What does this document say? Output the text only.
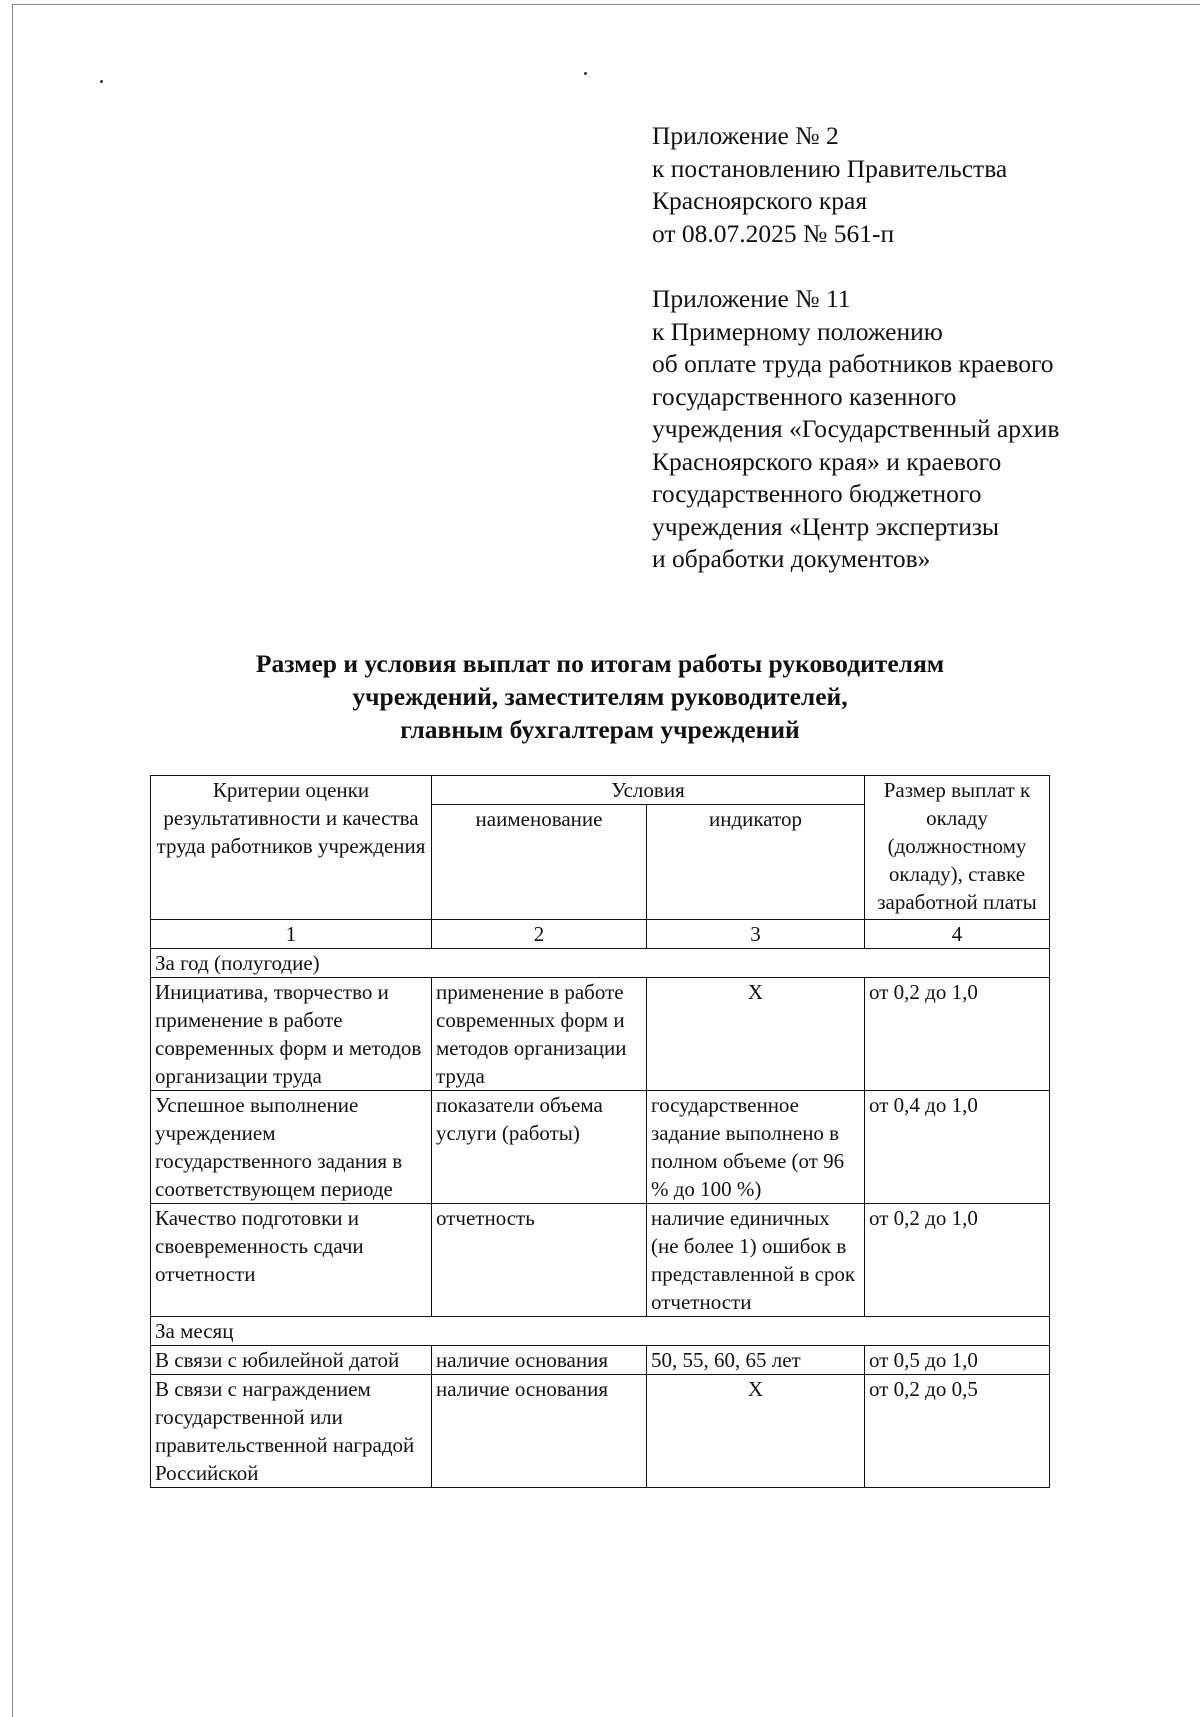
Приложение № 2
к постановлению Правительства
Красноярского края
от 08.07.2025 № 561-п
Приложение № 11
к Примерному положению
об оплате труда работников краевого
государственного казенного
учреждения «Государственный архив
Красноярского края» и краевого
государственного бюджетного
учреждения «Центр экспертизы
и обработки документов»
Размер и условия выплат по итогам работы руководителям
учреждений, заместителям руководителей,
главным бухгалтерам учреждений
Критерии оценки результативности и качества труда работников учреждения	Условия		Размер выплат к окладу (должностному окладу), ставке заработной платы
	наименование	индикатор	
1	2	3	4
За год (полугодие)			
Инициатива, творчество и применение в работе современных форм и методов организации труда	применение в работе современных форм и методов организации труда	Х	от 0,2 до 1,0
Успешное выполнение учреждением государственного задания в соответствующем периоде	показатели объема услуги (работы)	государственное задание выполнено в полном объеме (от 96 % до 100 %)	от 0,4 до 1,0
Качество подготовки и своевременность сдачи отчетности	отчетность	наличие единичных (не более 1) ошибок в представленной в срок отчетности	от 0,2 до 1,0
За месяц			
В связи с юбилейной датой	наличие основания	50, 55, 60, 65 лет	от 0,5 до 1,0
В связи с награждением государственной или правительственной наградой Российской	наличие основания	Х	от 0,2 до 0,5
